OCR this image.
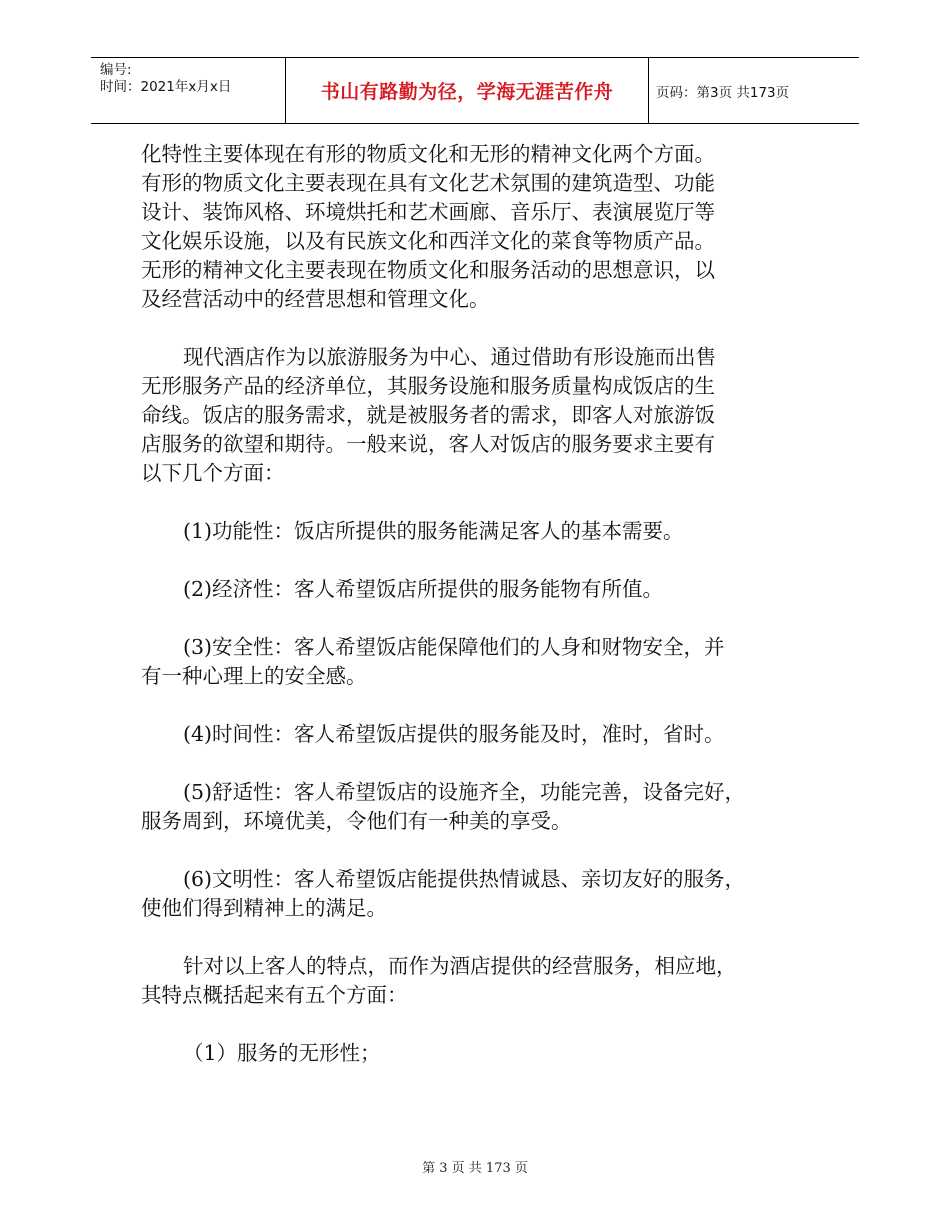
编号:
时间：2021年x月x日	书山有路勤为径，学海无涯苦作舟	页码：第3页 共173页

化特性主要体现在有形的物质文化和无形的精神文化两个方面。
有形的物质文化主要表现在具有文化艺术氛围的建筑造型、功能
设计、装饰风格、环境烘托和艺术画廊、音乐厅、表演展览厅等
文化娱乐设施，以及有民族文化和西洋文化的菜食等物质产品。
无形的精神文化主要表现在物质文化和服务活动的思想意识，以
及经营活动中的经营思想和管理文化。

现代酒店作为以旅游服务为中心、通过借助有形设施而出售
无形服务产品的经济单位，其服务设施和服务质量构成饭店的生
命线。饭店的服务需求，就是被服务者的需求，即客人对旅游饭
店服务的欲望和期待。一般来说，客人对饭店的服务要求主要有
以下几个方面：

(1)功能性：饭店所提供的服务能满足客人的基本需要。

(2)经济性：客人希望饭店所提供的服务能物有所值。

(3)安全性：客人希望饭店能保障他们的人身和财物安全，并
有一种心理上的安全感。

(4)时间性：客人希望饭店提供的服务能及时，准时，省时。

(5)舒适性：客人希望饭店的设施齐全，功能完善，设备完好，
服务周到，环境优美，令他们有一种美的享受。

(6)文明性：客人希望饭店能提供热情诚恳、亲切友好的服务，
使他们得到精神上的满足。

针对以上客人的特点，而作为酒店提供的经营服务，相应地，
其特点概括起来有五个方面：

（1）服务的无形性；

第 3 页 共 173 页
